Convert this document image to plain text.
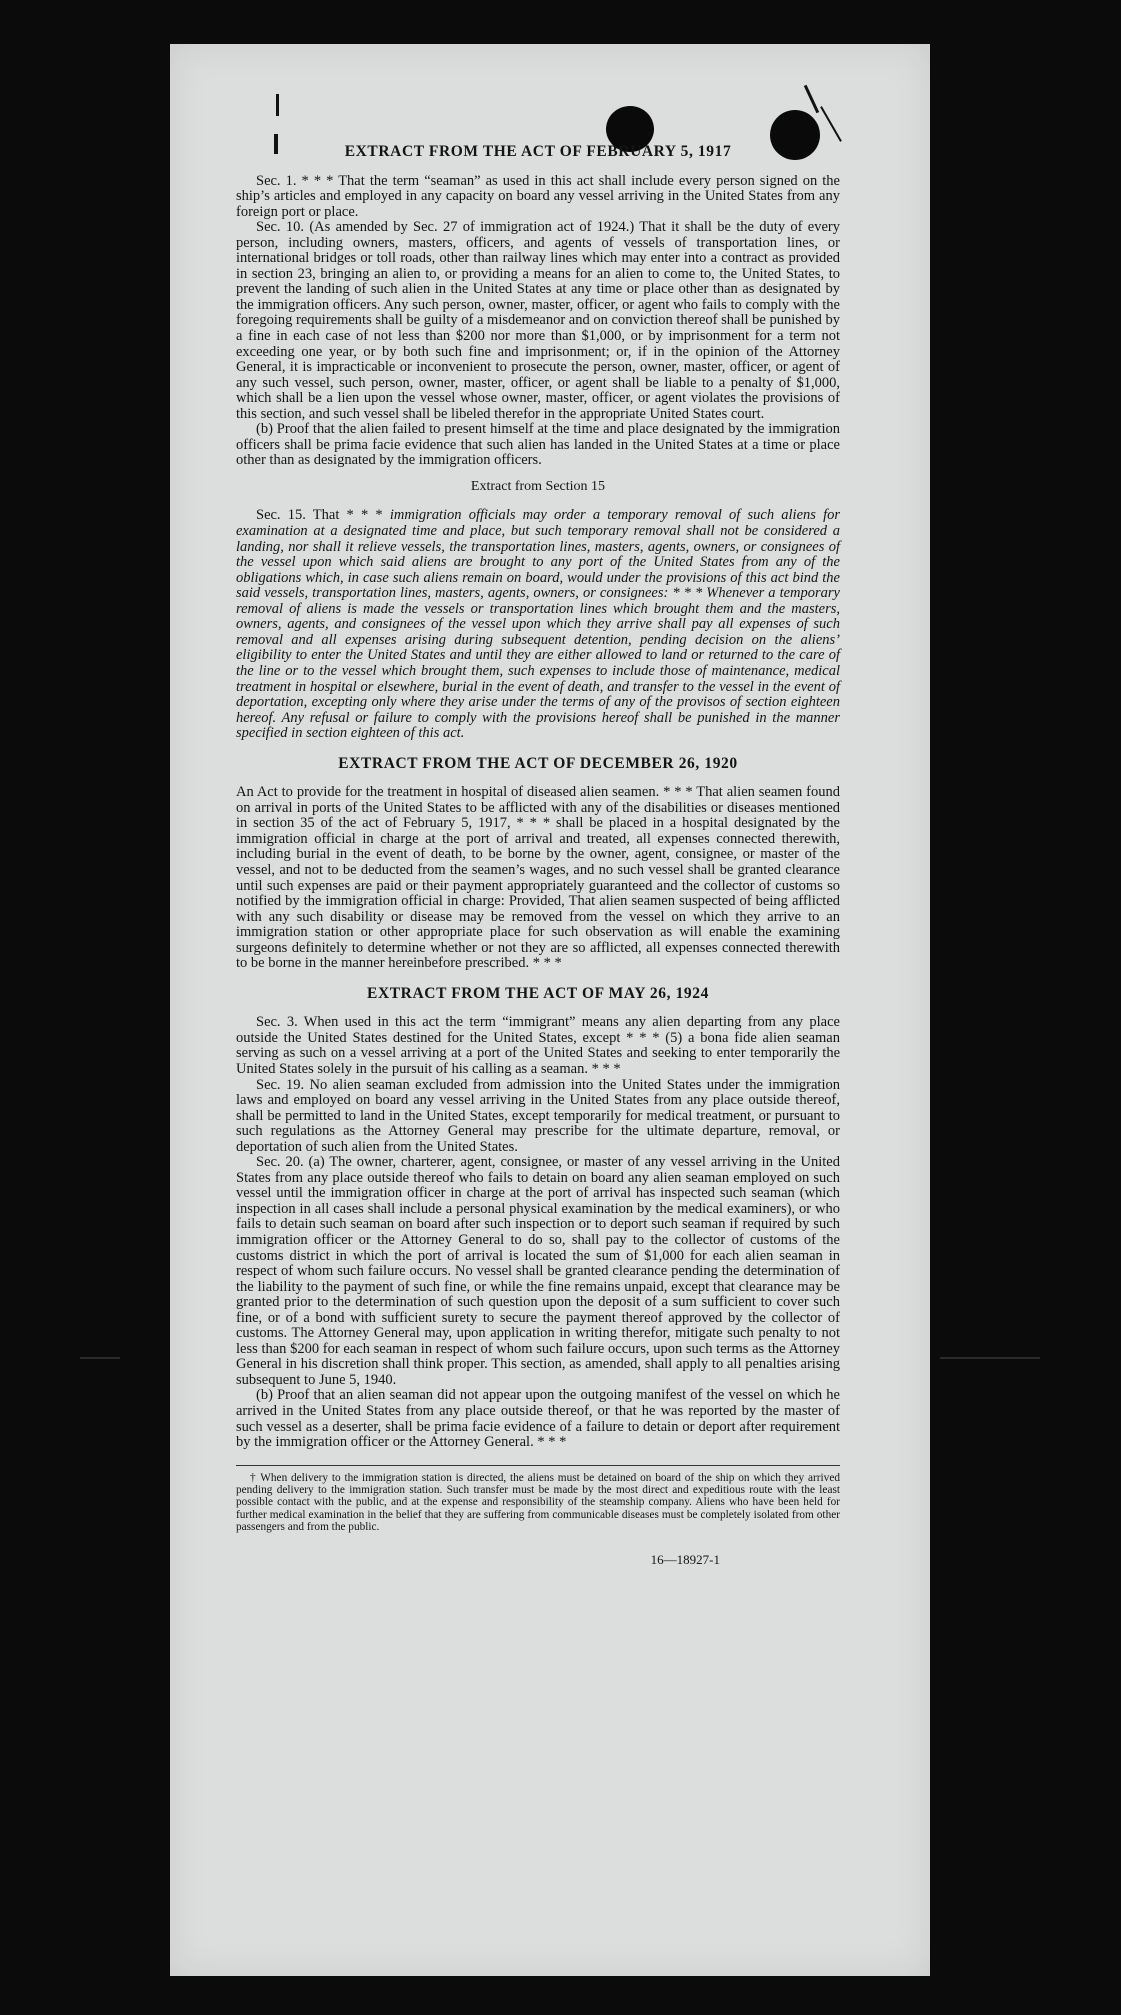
EXTRACT FROM THE ACT OF FEBRUARY 5, 1917

Sec. 1. * * * That the term “seaman” as used in this act shall include every person signed on the ship’s articles and employed in any capacity on board any vessel arriving in the United States from any foreign port or place.

Sec. 10. (As amended by Sec. 27 of immigration act of 1924.) That it shall be the duty of every person, including owners, masters, officers, and agents of vessels of transportation lines, or international bridges or toll roads, other than railway lines which may enter into a contract as provided in section 23, bringing an alien to, or providing a means for an alien to come to, the United States, to prevent the landing of such alien in the United States at any time or place other than as designated by the immigration officers. Any such person, owner, master, officer, or agent who fails to comply with the foregoing requirements shall be guilty of a misdemeanor and on conviction thereof shall be punished by a fine in each case of not less than $200 nor more than $1,000, or by imprisonment for a term not exceeding one year, or by both such fine and imprisonment; or, if in the opinion of the Attorney General, it is impracticable or inconvenient to prosecute the person, owner, master, officer, or agent of any such vessel, such person, owner, master, officer, or agent shall be liable to a penalty of $1,000, which shall be a lien upon the vessel whose owner, master, officer, or agent violates the provisions of this section, and such vessel shall be libeled therefor in the appropriate United States court.

(b) Proof that the alien failed to present himself at the time and place designated by the immigration officers shall be prima facie evidence that such alien has landed in the United States at a time or place other than as designated by the immigration officers.

Extract from Section 15

Sec. 15. That * * * immigration officials may order a temporary removal of such aliens for examination at a designated time and place, but such temporary removal shall not be considered a landing, nor shall it relieve vessels, the transportation lines, masters, agents, owners, or consignees of the vessel upon which said aliens are brought to any port of the United States from any of the obligations which, in case such aliens remain on board, would under the provisions of this act bind the said vessels, transportation lines, masters, agents, owners, or consignees: * * * Whenever a temporary removal of aliens is made the vessels or transportation lines which brought them and the masters, owners, agents, and consignees of the vessel upon which they arrive shall pay all expenses of such removal and all expenses arising during subsequent detention, pending decision on the aliens’ eligibility to enter the United States and until they are either allowed to land or returned to the care of the line or to the vessel which brought them, such expenses to include those of maintenance, medical treatment in hospital or elsewhere, burial in the event of death, and transfer to the vessel in the event of deportation, excepting only where they arise under the terms of any of the provisos of section eighteen hereof. Any refusal or failure to comply with the provisions hereof shall be punished in the manner specified in section eighteen of this act.

EXTRACT FROM THE ACT OF DECEMBER 26, 1920

An Act to provide for the treatment in hospital of diseased alien seamen. * * * That alien seamen found on arrival in ports of the United States to be afflicted with any of the disabilities or diseases mentioned in section 35 of the act of February 5, 1917, * * * shall be placed in a hospital designated by the immigration official in charge at the port of arrival and treated, all expenses connected therewith, including burial in the event of death, to be borne by the owner, agent, consignee, or master of the vessel, and not to be deducted from the seamen’s wages, and no such vessel shall be granted clearance until such expenses are paid or their payment appropriately guaranteed and the collector of customs so notified by the immigration official in charge: Provided, That alien seamen suspected of being afflicted with any such disability or disease may be removed from the vessel on which they arrive to an immigration station or other appropriate place for such observation as will enable the examining surgeons definitely to determine whether or not they are so afflicted, all expenses connected therewith to be borne in the manner hereinbefore prescribed. * * *

EXTRACT FROM THE ACT OF MAY 26, 1924

Sec. 3. When used in this act the term “immigrant” means any alien departing from any place outside the United States destined for the United States, except * * * (5) a bona fide alien seaman serving as such on a vessel arriving at a port of the United States and seeking to enter temporarily the United States solely in the pursuit of his calling as a seaman. * * *

Sec. 19. No alien seaman excluded from admission into the United States under the immigration laws and employed on board any vessel arriving in the United States from any place outside thereof, shall be permitted to land in the United States, except temporarily for medical treatment, or pursuant to such regulations as the Attorney General may prescribe for the ultimate departure, removal, or deportation of such alien from the United States.

Sec. 20. (a) The owner, charterer, agent, consignee, or master of any vessel arriving in the United States from any place outside thereof who fails to detain on board any alien seaman employed on such vessel until the immigration officer in charge at the port of arrival has inspected such seaman (which inspection in all cases shall include a personal physical examination by the medical examiners), or who fails to detain such seaman on board after such inspection or to deport such seaman if required by such immigration officer or the Attorney General to do so, shall pay to the collector of customs of the customs district in which the port of arrival is located the sum of $1,000 for each alien seaman in respect of whom such failure occurs. No vessel shall be granted clearance pending the determination of the liability to the payment of such fine, or while the fine remains unpaid, except that clearance may be granted prior to the determination of such question upon the deposit of a sum sufficient to cover such fine, or of a bond with sufficient surety to secure the payment thereof approved by the collector of customs. The Attorney General may, upon application in writing therefor, mitigate such penalty to not less than $200 for each seaman in respect of whom such failure occurs, upon such terms as the Attorney General in his discretion shall think proper. This section, as amended, shall apply to all penalties arising subsequent to June 5, 1940.

(b) Proof that an alien seaman did not appear upon the outgoing manifest of the vessel on which he arrived in the United States from any place outside thereof, or that he was reported by the master of such vessel as a deserter, shall be prima facie evidence of a failure to detain or deport after requirement by the immigration officer or the Attorney General. * * *

† When delivery to the immigration station is directed, the aliens must be detained on board of the ship on which they arrived pending delivery to the immigration station. Such transfer must be made by the most direct and expeditious route with the least possible contact with the public, and at the expense and responsibility of the steamship company. Aliens who have been held for further medical examination in the belief that they are suffering from communicable diseases must be completely isolated from other passengers and from the public.

16—18927-1
